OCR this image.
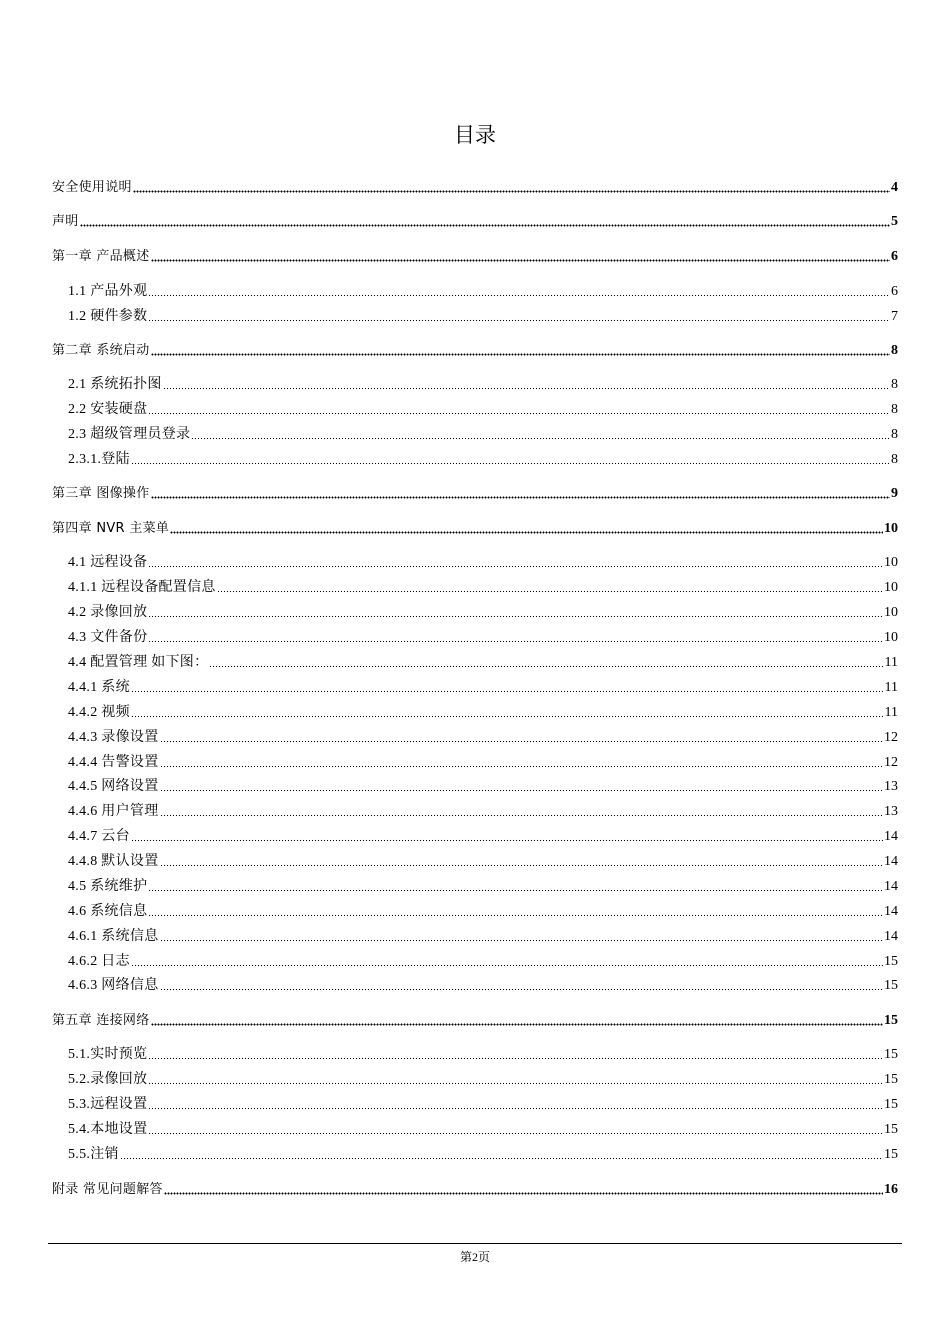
目录
安全使用说明	4
声明	5
第一章 产品概述	6
1.1 产品外观	6
1.2 硬件参数	7
第二章 系统启动	8
2.1 系统拓扑图	8
2.2 安装硬盘	8
2.3 超级管理员登录	8
2.3.1.登陆	8
第三章 图像操作	9
第四章 NVR 主菜单	10
4.1 远程设备	10
4.1.1 远程设备配置信息	10
4.2 录像回放	10
4.3 文件备份	10
4.4 配置管理 如下图：	11
4.4.1 系统	11
4.4.2 视频	11
4.4.3 录像设置	12
4.4.4 告警设置	12
4.4.5 网络设置	13
4.4.6 用户管理	13
4.4.7 云台	14
4.4.8 默认设置	14
4.5 系统维护	14
4.6 系统信息	14
4.6.1 系统信息	14
4.6.2 日志	15
4.6.3 网络信息	15
第五章 连接网络	15
5.1.实时预览	15
5.2.录像回放	15
5.3.远程设置	15
5.4.本地设置	15
5.5.注销	15
附录 常见问题解答	16
第2页
